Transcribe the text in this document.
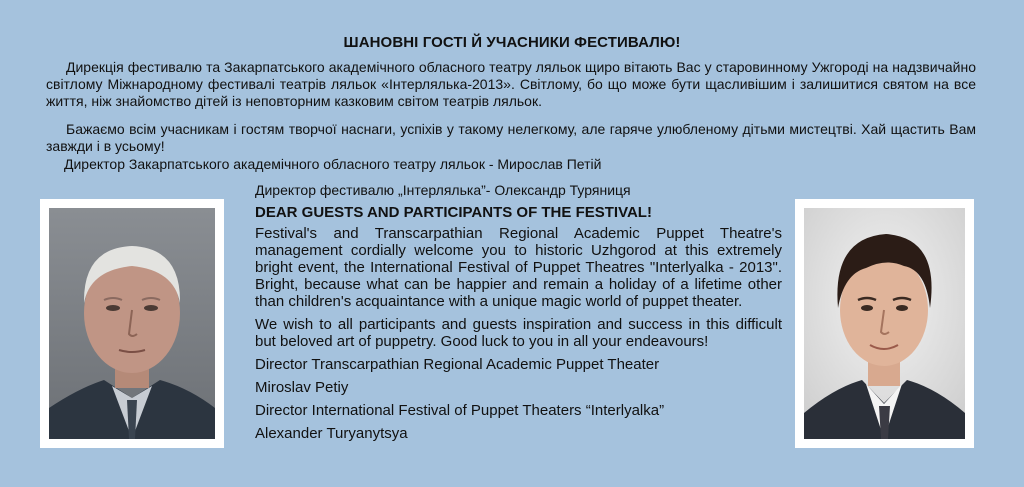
ШАНОВНІ ГОСТІ Й УЧАСНИКИ ФЕСТИВАЛЮ!

Дирекція фестивалю та Закарпатського академічного обласного театру ляльок щиро вітають Вас у старовинному Ужгороді на надзвичайно світлому Міжнародному фестивалі театрів ляльок «Інтерлялька-2013». Світлому, бо що може бути щасливішим і залишитися святом на все життя, ніж знайомство дітей із неповторним казковим світом театрів ляльок.

Бажаємо всім учасникам і гостям творчої наснаги, успіхів у такому нелегкому, але гаряче улюбленому дітьми мистецтві. Хай щастить Вам завжди і в усьому!

Директор Закарпатського академічного обласного театру ляльок - Мирослав Петій
Директор фестивалю „Інтерлялька”- Олександр Туряниця
DEAR GUESTS AND PARTICIPANTS OF THE FESTIVAL!

Festival's and Transcarpathian Regional Academic Puppet Theatre's management cordially welcome you to historic Uzhgorod at this extremely bright event, the International Festival of Puppet Theatres "Interlyalka - 2013". Bright, because what can be happier and remain a holiday of a lifetime other than children's acquaintance with a unique magic world of puppet theater.

We wish to all participants and guests inspiration and success in this difficult but beloved art of puppetry. Good luck to you in all your endeavours!

Director Transcarpathian Regional Academic Puppet Theater
Miroslav Petiy
Director International Festival of Puppet Theaters “Interlyalka”
Alexander Turyanytsya
